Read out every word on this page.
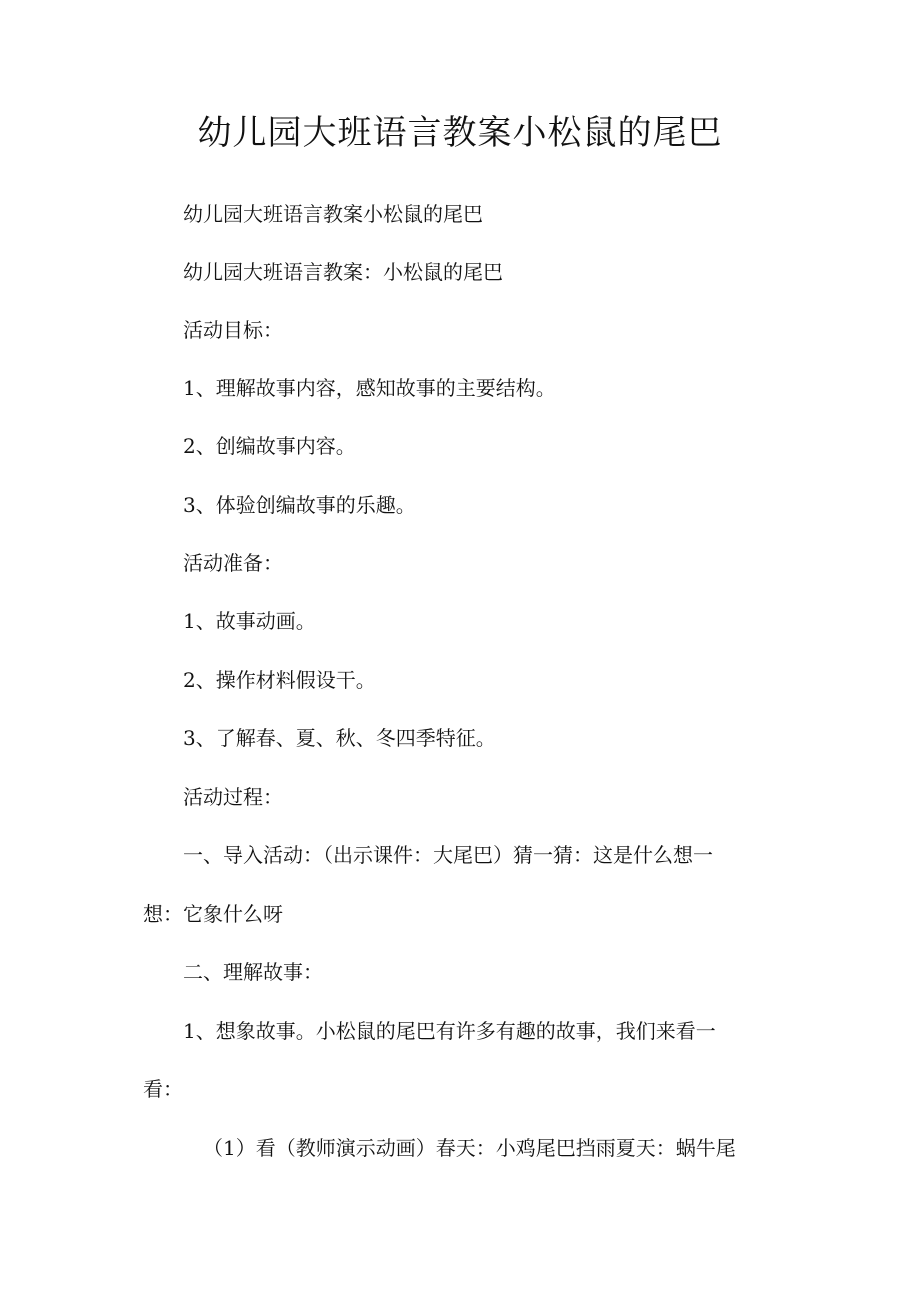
幼儿园大班语言教案小松鼠的尾巴

幼儿园大班语言教案小松鼠的尾巴

幼儿园大班语言教案：小松鼠的尾巴

活动目标：

1、理解故事内容，感知故事的主要结构。

2、创编故事内容。

3、体验创编故事的乐趣。

活动准备：

1、故事动画。

2、操作材料假设干。

3、了解春、夏、秋、冬四季特征。

活动过程：

一、导入活动：（出示课件：大尾巴）猜一猜：这是什么想一

想：它象什么呀

二、理解故事：

1、想象故事。小松鼠的尾巴有许多有趣的故事，我们来看一

看：

（1）看（教师演示动画）春天：小鸡尾巴挡雨夏天：蜗牛尾
